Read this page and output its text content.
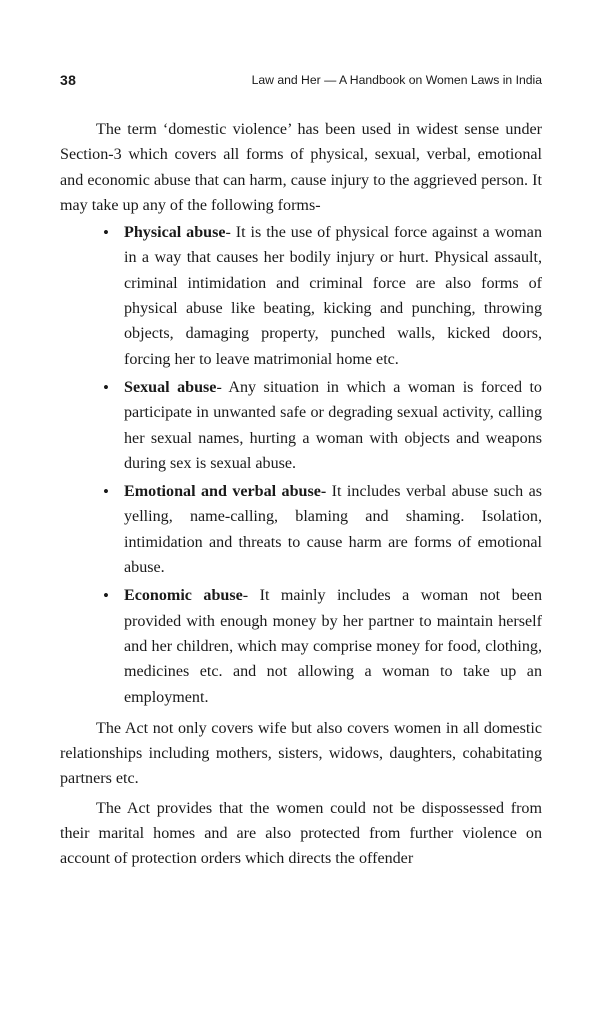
38	Law and Her — A Handbook on Women Laws in India

The term ‘domestic violence’ has been used in widest sense under Section-3 which covers all forms of physical, sexual, verbal, emotional and economic abuse that can harm, cause injury to the aggrieved person. It may take up any of the following forms-

• Physical abuse- It is the use of physical force against a woman in a way that causes her bodily injury or hurt. Physical assault, criminal intimidation and criminal force are also forms of physical abuse like beating, kicking and punching, throwing objects, damaging property, punched walls, kicked doors, forcing her to leave matrimonial home etc.
• Sexual abuse- Any situation in which a woman is forced to participate in unwanted safe or degrading sexual activity, calling her sexual names, hurting a woman with objects and weapons during sex is sexual abuse.
• Emotional and verbal abuse- It includes verbal abuse such as yelling, name-calling, blaming and shaming. Isolation, intimidation and threats to cause harm are forms of emotional abuse.
• Economic abuse- It mainly includes a woman not been provided with enough money by her partner to maintain herself and her children, which may comprise money for food, clothing, medicines etc. and not allowing a woman to take up an employment.

The Act not only covers wife but also covers women in all domestic relationships including mothers, sisters, widows, daughters, cohabitating partners etc.

The Act provides that the women could not be dispossessed from their marital homes and are also protected from further violence on account of protection orders which directs the offender
